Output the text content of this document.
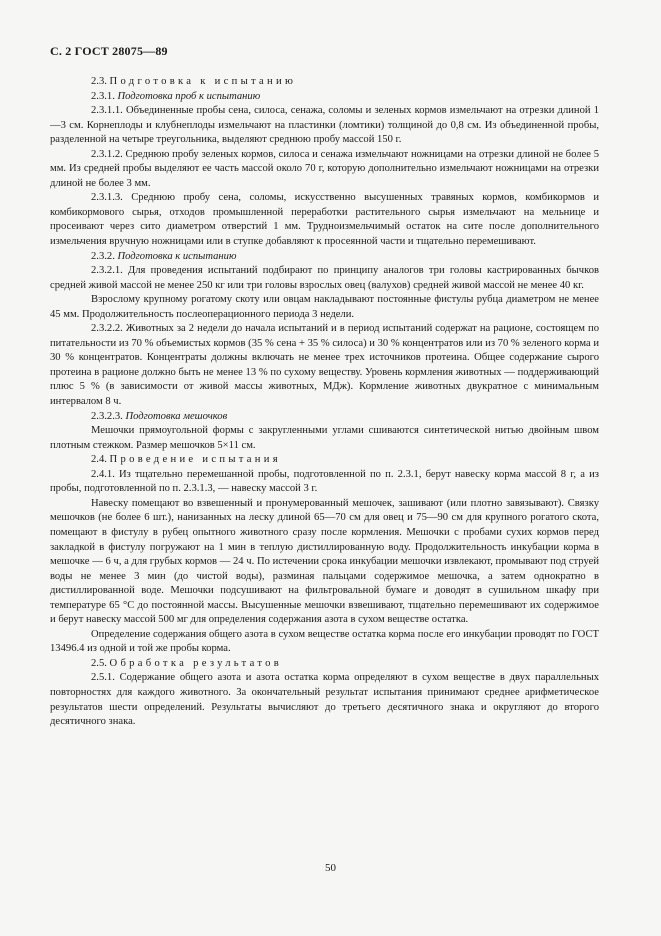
С. 2 ГОСТ 28075—89

2.3. Подготовка к испытанию

2.3.1. Подготовка проб к испытанию

2.3.1.1. Объединенные пробы сена, силоса, сенажа, соломы и зеленых кормов измельчают на отрезки длиной 1—3 см. Корнеплоды и клубнеплоды измельчают на пластинки (ломтики) толщиной до 0,8 см. Из объединенной пробы, разделенной на четыре треугольника, выделяют среднюю пробу массой 150 г.

2.3.1.2. Среднюю пробу зеленых кормов, силоса и сенажа измельчают ножницами на отрезки длиной не более 5 мм. Из средней пробы выделяют ее часть массой около 70 г, которую дополнительно измельчают ножницами на отрезки длиной не более 3 мм.

2.3.1.3. Среднюю пробу сена, соломы, искусственно высушенных травяных кормов, комбикормов и комбикормового сырья, отходов промышленной переработки растительного сырья измельчают на мельнице и просеивают через сито диаметром отверстий 1 мм. Трудноизмельчимый остаток на сите после дополнительного измельчения вручную ножницами или в ступке добавляют к просеянной части и тщательно перемешивают.

2.3.2. Подготовка к испытанию

2.3.2.1. Для проведения испытаний подбирают по принципу аналогов три головы кастрированных бычков средней живой массой не менее 250 кг или три головы взрослых овец (валухов) средней живой массой не менее 40 кг.

Взрослому крупному рогатому скоту или овцам накладывают постоянные фистулы рубца диаметром не менее 45 мм. Продолжительность послеоперационного периода 3 недели.

2.3.2.2. Животных за 2 недели до начала испытаний и в период испытаний содержат на рационе, состоящем по питательности из 70 % объемистых кормов (35 % сена + 35 % силоса) и 30 % концентратов или из 70 % зеленого корма и 30 % концентратов. Концентраты должны включать не менее трех источников протеина. Общее содержание сырого протеина в рационе должно быть не менее 13 % по сухому веществу. Уровень кормления животных — поддерживающий плюс 5 % (в зависимости от живой массы животных, МДж). Кормление животных двукратное с минимальным интервалом 8 ч.

2.3.2.3. Подготовка мешочков

Мешочки прямоугольной формы с закругленными углами сшиваются синтетической нитью двойным швом плотным стежком. Размер мешочков 5×11 см.

2.4. Проведение испытания

2.4.1. Из тщательно перемешанной пробы, подготовленной по п. 2.3.1, берут навеску корма массой 8 г, а из пробы, подготовленной по п. 2.3.1.3, — навеску массой 3 г.

Навеску помещают во взвешенный и пронумерованный мешочек, зашивают (или плотно завязывают). Связку мешочков (не более 6 шт.), нанизанных на леску длиной 65—70 см для овец и 75—90 см для крупного рогатого скота, помещают в фистулу в рубец опытного животного сразу после кормления. Мешочки с пробами сухих кормов перед закладкой в фистулу погружают на 1 мин в теплую дистиллированную воду. Продолжительность инкубации корма в мешочке — 6 ч, а для грубых кормов — 24 ч. По истечении срока инкубации мешочки извлекают, промывают под струей воды не менее 3 мин (до чистой воды), разминая пальцами содержимое мешочка, а затем однократно в дистиллированной воде. Мешочки подсушивают на фильтровальной бумаге и доводят в сушильном шкафу при температуре 65 °С до постоянной массы. Высушенные мешочки взвешивают, тщательно перемешивают их содержимое и берут навеску массой 500 мг для определения содержания азота в сухом веществе остатка.

Определение содержания общего азота в сухом веществе остатка корма после его инкубации проводят по ГОСТ 13496.4 из одной и той же пробы корма.

2.5. Обработка результатов

2.5.1. Содержание общего азота и азота остатка корма определяют в сухом веществе в двух параллельных повторностях для каждого животного. За окончательный результат испытания принимают среднее арифметическое результатов шести определений. Результаты вычисляют до третьего десятичного знака и округляют до второго десятичного знака.

50
